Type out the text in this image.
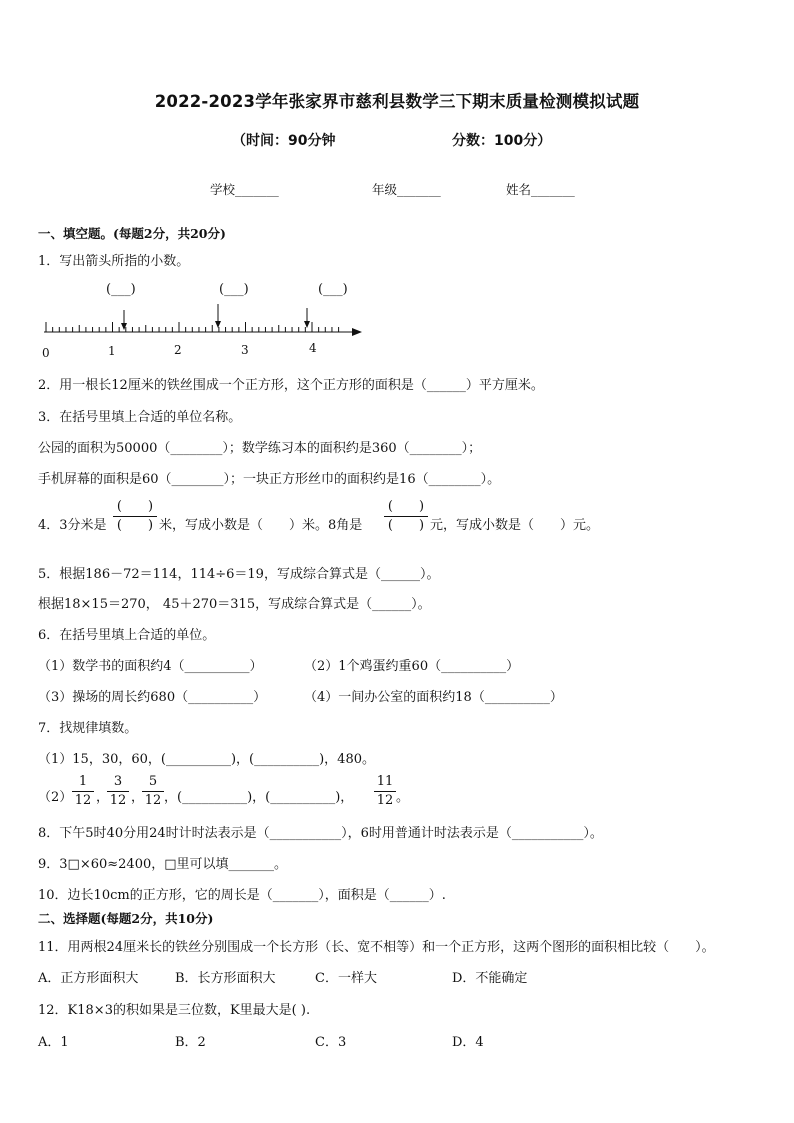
2022-2023学年张家界市慈利县数学三下期末质量检测模拟试题
（时间：90分钟	分数：100分）
学校_______	年级_______	姓名_______
一、填空题。(每题2分，共20分)
1．写出箭头所指的小数。
(___)	(___)	(___)
0	1	2	3	4
2．用一根长12厘米的铁丝围成一个正方形，这个正方形的面积是（______）平方厘米。
3．在括号里填上合适的单位名称。
公园的面积为50000（________）；数学练习本的面积约是360（________）；
手机屏幕的面积是60（________）；一块正方形丝巾的面积约是16（________）。
4．3分米是
(　　)
(　　) 米，写成小数是（　　）米。8角是
(　　)
(　　) 元，写成小数是（　　）元。
5．根据186－72＝114，114÷6＝19，写成综合算式是（______）。
根据18×15＝270， 45＋270＝315，写成综合算式是（______）。
6．在括号里填上合适的单位。
（1）数学书的面积约4（__________）	（2）1个鸡蛋约重60（__________）
（3）操场的周长约680（__________）	（4）一间办公室的面积约18（__________）
7．找规律填数。
（1）15，30，60，(__________)，(__________)，480。
（2）
1
12 ，
3
12 ，
5
12 ，(__________)，(__________)，
11
12 。
8．下午5时40分用24时计时法表示是（___________），6时用普通计时法表示是（___________）。
9．3□×60≈2400，□里可以填_______。
10．边长10cm的正方形，它的周长是（_______），面积是（______）.
二、选择题(每题2分，共10分)
11．用两根24厘米长的铁丝分别围成一个长方形（长、宽不相等）和一个正方形，这两个图形的面积相比较（　　）。
A．正方形面积大	B．长方形面积大	C．一样大	D．不能确定
12．K18×3的积如果是三位数，K里最大是( ).
A．1	B．2	C．3	D．4
